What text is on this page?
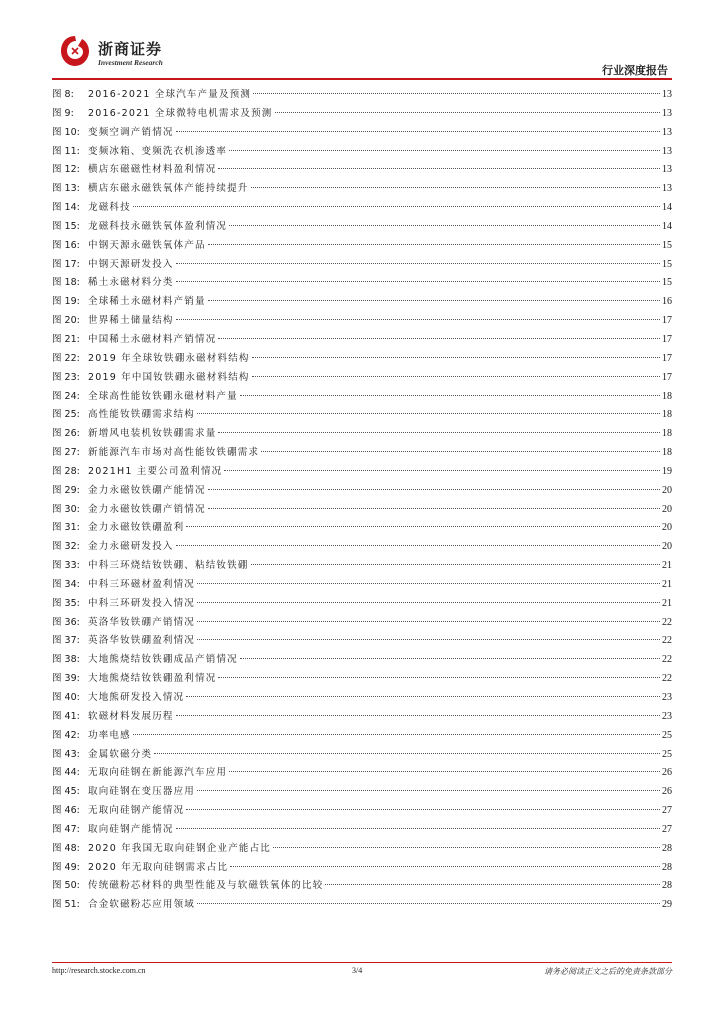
浙商证券
Investment Research
行业深度报告
图 8:	2016-2021 全球汽车产量及预测	13
图 9:	2016-2021 全球微特电机需求及预测	13
图 10: 变频空调产销情况	13
图 11: 变频冰箱、变频洗衣机渗透率	13
图 12: 横店东磁磁性材料盈利情况	13
图 13: 横店东磁永磁铁氧体产能持续提升	13
图 14: 龙磁科技	14
图 15: 龙磁科技永磁铁氧体盈利情况	14
图 16: 中钢天源永磁铁氧体产品	15
图 17: 中钢天源研发投入	15
图 18: 稀土永磁材料分类	15
图 19: 全球稀土永磁材料产销量	16
图 20: 世界稀土储量结构	17
图 21: 中国稀土永磁材料产销情况	17
图 22: 2019 年全球钕铁硼永磁材料结构	17
图 23: 2019 年中国钕铁硼永磁材料结构	17
图 24: 全球高性能钕铁硼永磁材料产量	18
图 25: 高性能钕铁硼需求结构	18
图 26: 新增风电装机钕铁硼需求量	18
图 27: 新能源汽车市场对高性能钕铁硼需求	18
图 28: 2021H1 主要公司盈利情况	19
图 29: 金力永磁钕铁硼产能情况	20
图 30: 金力永磁钕铁硼产销情况	20
图 31: 金力永磁钕铁硼盈利	20
图 32: 金力永磁研发投入	20
图 33: 中科三环烧结钕铁硼、粘结钕铁硼	21
图 34: 中科三环磁材盈利情况	21
图 35: 中科三环研发投入情况	21
图 36: 英洛华钕铁硼产销情况	22
图 37: 英洛华钕铁硼盈利情况	22
图 38: 大地熊烧结钕铁硼成品产销情况	22
图 39: 大地熊烧结钕铁硼盈利情况	22
图 40: 大地熊研发投入情况	23
图 41: 软磁材料发展历程	23
图 42: 功率电感	25
图 43: 金属软磁分类	25
图 44: 无取向硅钢在新能源汽车应用	26
图 45: 取向硅钢在变压器应用	26
图 46: 无取向硅钢产能情况	27
图 47: 取向硅钢产能情况	27
图 48: 2020 年我国无取向硅钢企业产能占比	28
图 49: 2020 年无取向硅钢需求占比	28
图 50: 传统磁粉芯材料的典型性能及与软磁铁氧体的比较	28
图 51: 合金软磁粉芯应用领域	29
http://research.stocke.com.cn	3/4	请务必阅读正文之后的免责条款部分
